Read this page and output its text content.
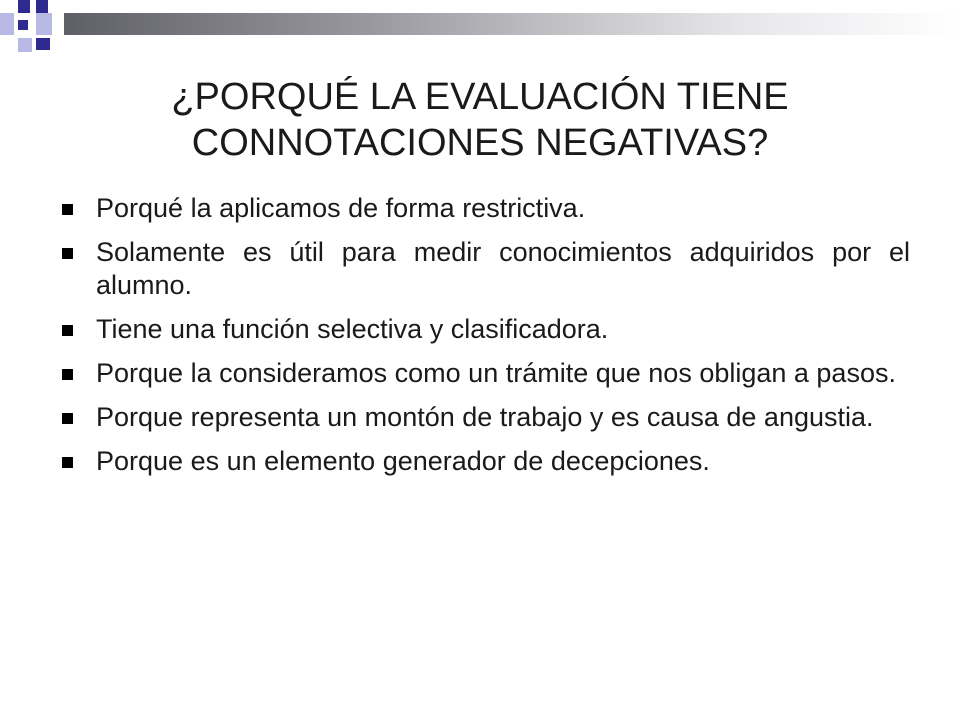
¿PORQUÉ LA EVALUACIÓN TIENE
CONNOTACIONES NEGATIVAS?
Porqué la aplicamos de forma restrictiva.
Solamente es útil para medir conocimientos adquiridos por el alumno.
Tiene una función selectiva y clasificadora.
Porque la consideramos como un trámite que nos obligan a pasos.
Porque representa un montón de trabajo y es causa de angustia.
Porque es un elemento generador de decepciones.
